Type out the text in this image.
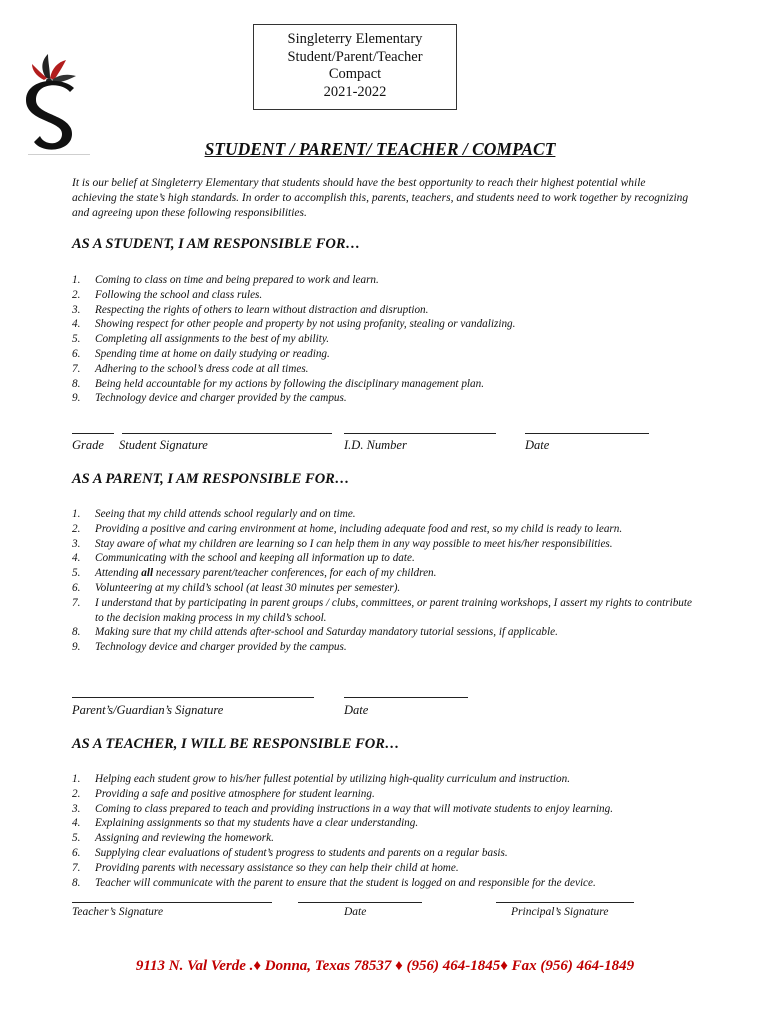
Singleterry Elementary
Student/Parent/Teacher
Compact
2021-2022
STUDENT / PARENT/ TEACHER / COMPACT
It is our belief at Singleterry Elementary that students should have the best opportunity to reach their highest potential while achieving the state’s high standards. In order to accomplish this, parents, teachers, and students need to work together by recognizing and agreeing upon these following responsibilities.
AS A STUDENT, I AM RESPONSIBLE FOR…
1. Coming to class on time and being prepared to work and learn.
2. Following the school and class rules.
3. Respecting the rights of others to learn without distraction and disruption.
4. Showing respect for other people and property by not using profanity, stealing or vandalizing.
5. Completing all assignments to the best of my ability.
6. Spending time at home on daily studying or reading.
7. Adhering to the school’s dress code at all times.
8. Being held accountable for my actions by following the disciplinary management plan.
9. Technology device and charger provided by the campus.
Grade Student Signature	I.D. Number	Date
AS A PARENT, I AM RESPONSIBLE FOR…
1. Seeing that my child attends school regularly and on time.
2. Providing a positive and caring environment at home, including adequate food and rest, so my child is ready to learn.
3. Stay aware of what my children are learning so I can help them in any way possible to meet his/her responsibilities.
4. Communicating with the school and keeping all information up to date.
5. Attending all necessary parent/teacher conferences, for each of my children.
6. Volunteering at my child’s school (at least 30 minutes per semester).
7. I understand that by participating in parent groups / clubs, committees, or parent training workshops, I assert my rights to contribute to the decision making process in my child’s school.
8. Making sure that my child attends after-school and Saturday mandatory tutorial sessions, if applicable.
9. Technology device and charger provided by the campus.
Parent’s/Guardian’s Signature	Date
AS A TEACHER, I WILL BE RESPONSIBLE FOR…
1. Helping each student grow to his/her fullest potential by utilizing high-quality curriculum and instruction.
2. Providing a safe and positive atmosphere for student learning.
3. Coming to class prepared to teach and providing instructions in a way that will motivate students to enjoy learning.
4. Explaining assignments so that my students have a clear understanding.
5. Assigning and reviewing the homework.
6. Supplying clear evaluations of student’s progress to students and parents on a regular basis.
7. Providing parents with necessary assistance so they can help their child at home.
8. Teacher will communicate with the parent to ensure that the student is logged on and responsible for the device.
Teacher’s Signature	Date	Principal’s Signature
9113 N. Val Verde .♦ Donna, Texas 78537 ♦ (956) 464-1845♦ Fax (956) 464-1849
